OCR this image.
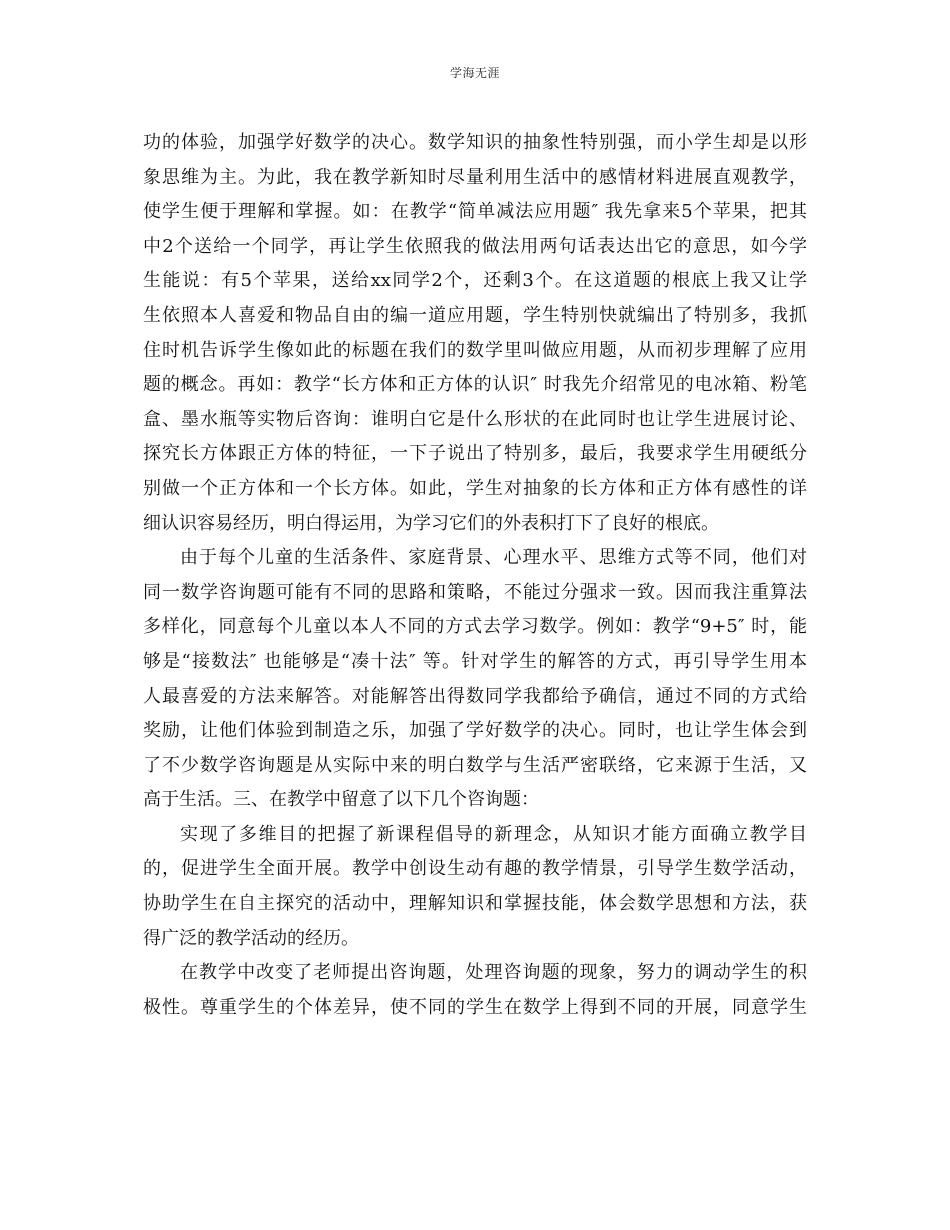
学海无涯
功的体验，加强学好数学的决心。数学知识的抽象性特别强，而小学生却是以形
象思维为主。为此，我在教学新知时尽量利用生活中的感情材料进展直观教学，
使学生便于理解和掌握。如：在教学“简单减法应用题″ 我先拿来5个苹果，把其
中2个送给一个同学，再让学生依照我的做法用两句话表达出它的意思，如今学
生能说：有5个苹果，送给xx同学2个，还剩3个。在这道题的根底上我又让学
生依照本人喜爱和物品自由的编一道应用题，学生特别快就编出了特别多，我抓
住时机告诉学生像如此的标题在我们的数学里叫做应用题，从而初步理解了应用
题的概念。再如：教学“长方体和正方体的认识″ 时我先介绍常见的电冰箱、粉笔
盒、墨水瓶等实物后咨询：谁明白它是什么形状的在此同时也让学生进展讨论、
探究长方体跟正方体的特征，一下子说出了特别多，最后，我要求学生用硬纸分
别做一个正方体和一个长方体。如此，学生对抽象的长方体和正方体有感性的详
细认识容易经历，明白得运用，为学习它们的外表积打下了良好的根底。
由于每个儿童的生活条件、家庭背景、心理水平、思维方式等不同，他们对
同一数学咨询题可能有不同的思路和策略，不能过分强求一致。因而我注重算法
多样化，同意每个儿童以本人不同的方式去学习数学。例如：教学“9+5″ 时，能
够是“接数法″ 也能够是“凑十法″ 等。针对学生的解答的方式，再引导学生用本
人最喜爱的方法来解答。对能解答出得数同学我都给予确信，通过不同的方式给
奖励，让他们体验到制造之乐，加强了学好数学的决心。同时，也让学生体会到
了不少数学咨询题是从实际中来的明白数学与生活严密联络，它来源于生活，又
高于生活。三、在教学中留意了以下几个咨询题：
实现了多维目的把握了新课程倡导的新理念，从知识才能方面确立教学目
的，促进学生全面开展。教学中创设生动有趣的教学情景，引导学生数学活动，
协助学生在自主探究的活动中，理解知识和掌握技能，体会数学思想和方法，获
得广泛的教学活动的经历。
在教学中改变了老师提出咨询题，处理咨询题的现象，努力的调动学生的积
极性。尊重学生的个体差异，使不同的学生在数学上得到不同的开展，同意学生
